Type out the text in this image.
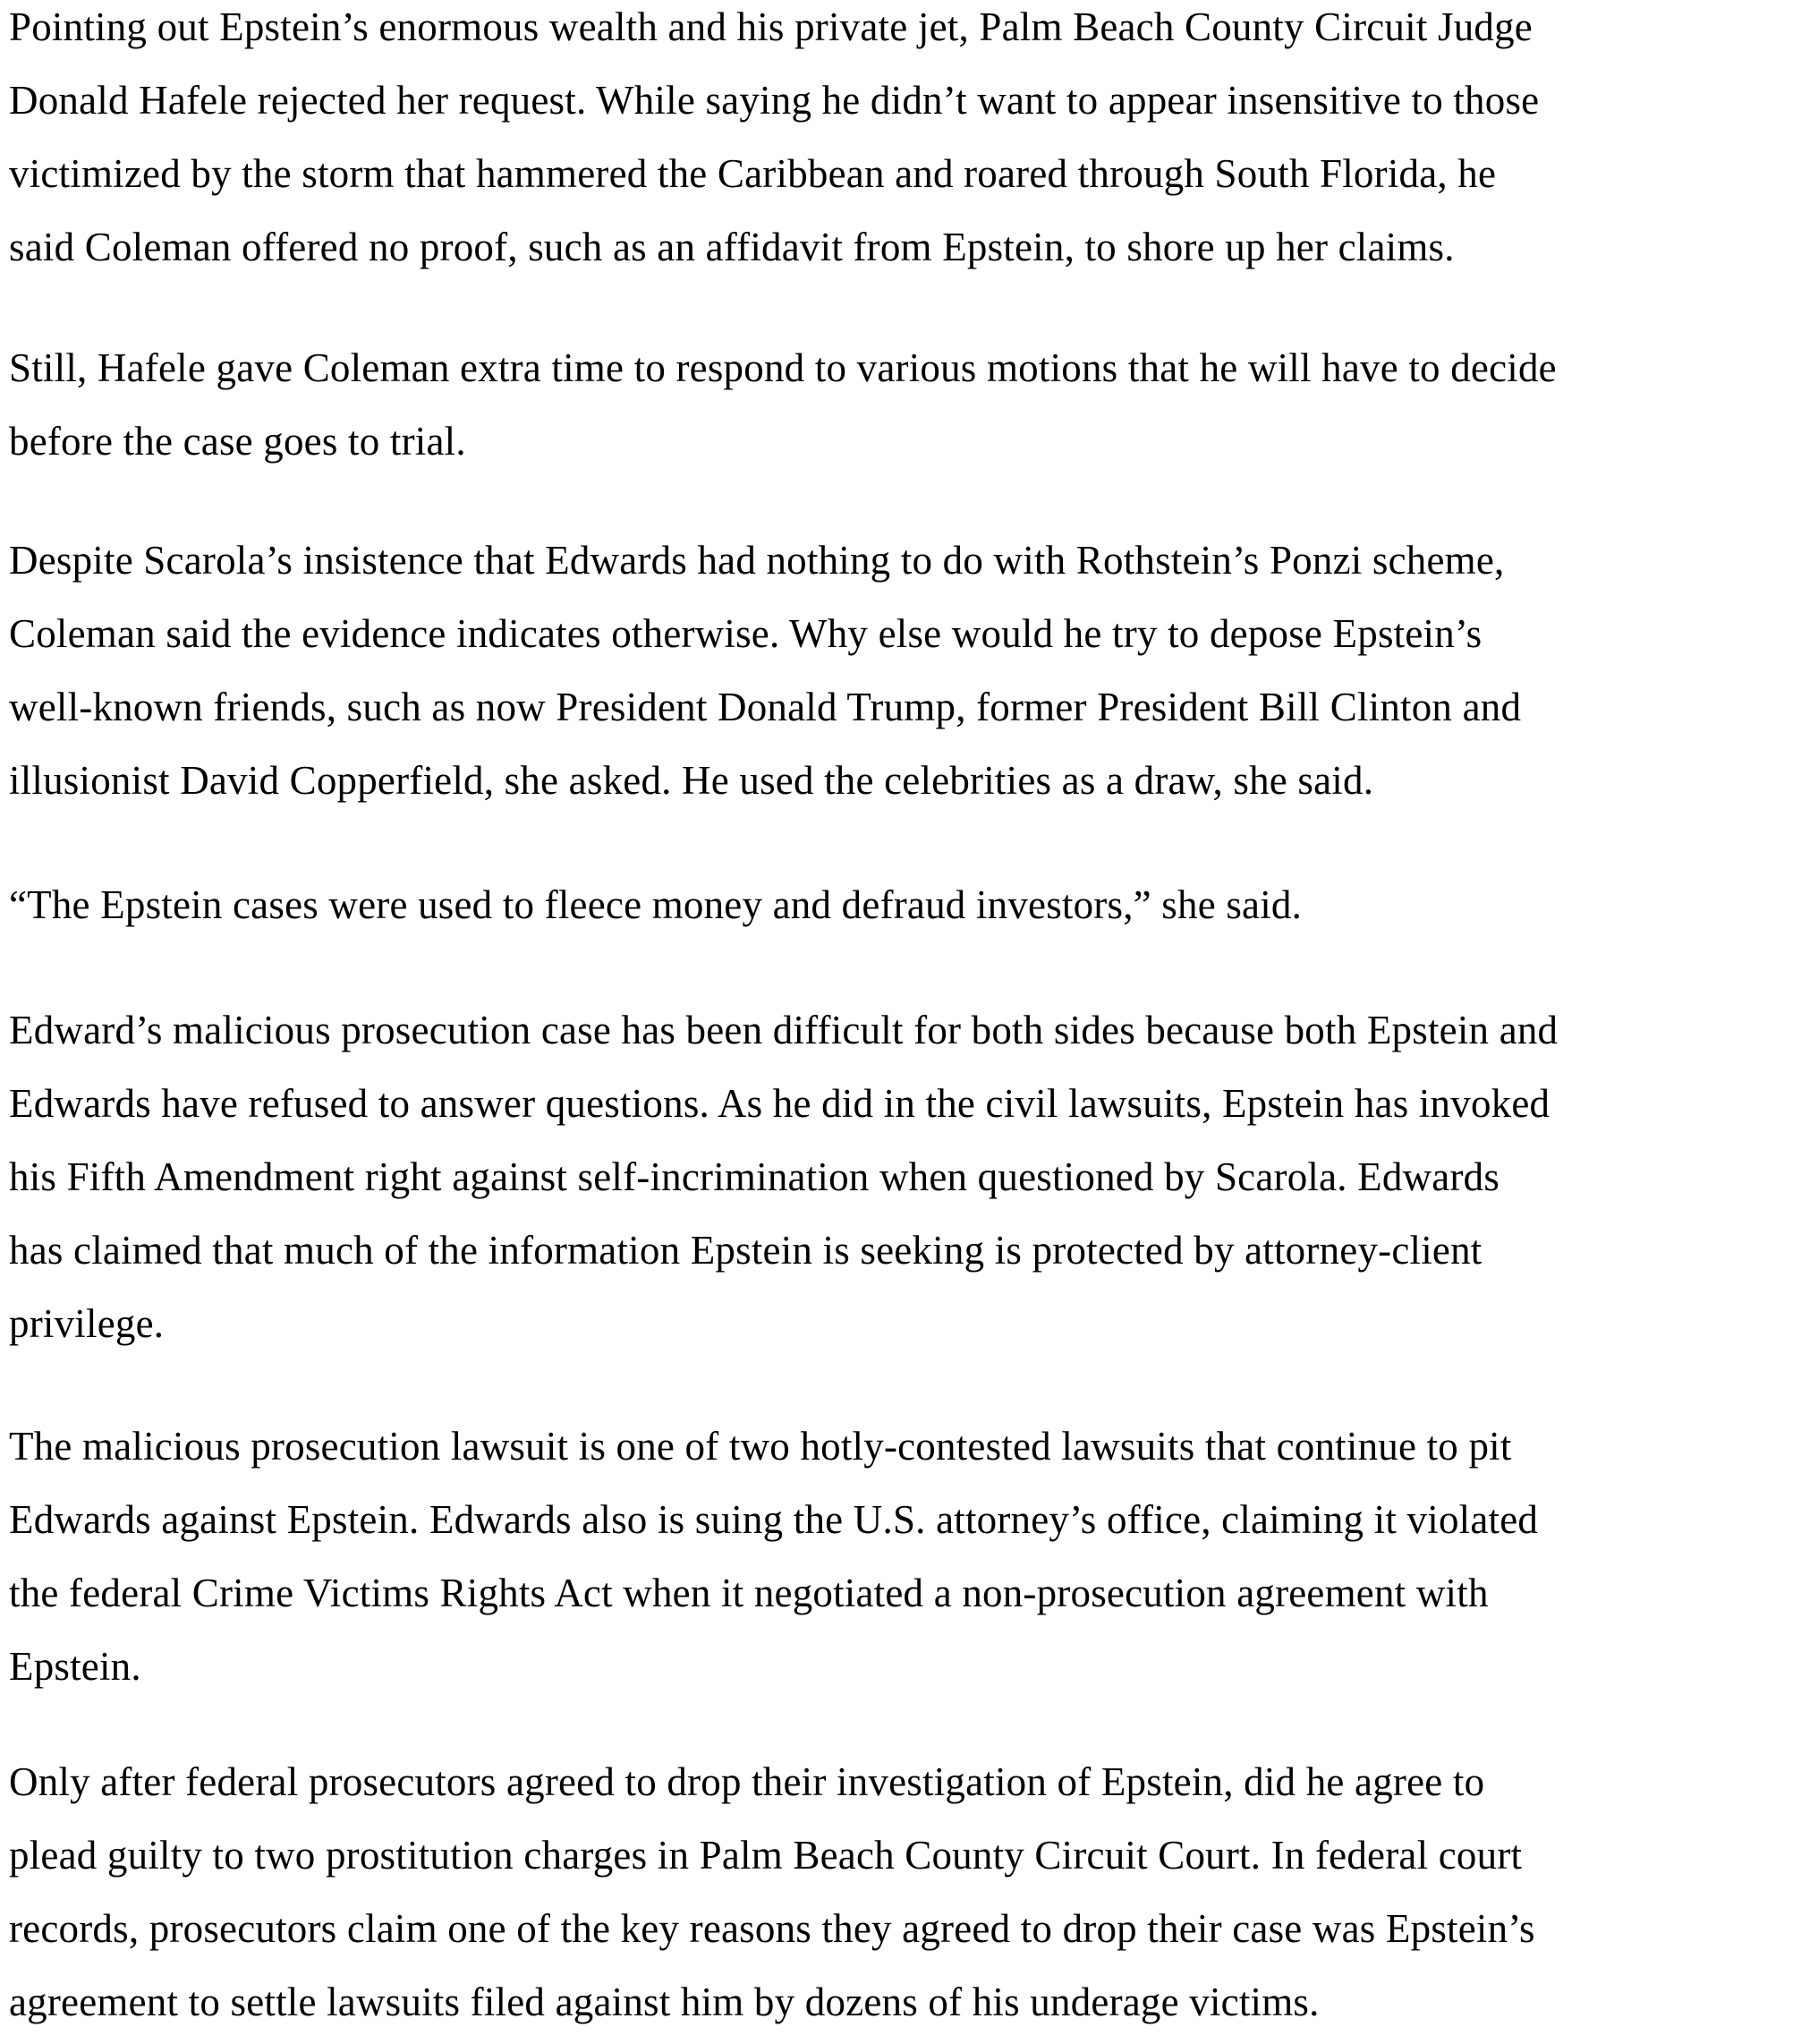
Pointing out Epstein’s enormous wealth and his private jet, Palm Beach County Circuit Judge
Donald Hafele rejected her request. While saying he didn’t want to appear insensitive to those
victimized by the storm that hammered the Caribbean and roared through South Florida, he
said Coleman offered no proof, such as an affidavit from Epstein, to shore up her claims.

Still, Hafele gave Coleman extra time to respond to various motions that he will have to decide
before the case goes to trial.

Despite Scarola’s insistence that Edwards had nothing to do with Rothstein’s Ponzi scheme,
Coleman said the evidence indicates otherwise. Why else would he try to depose Epstein’s
well-known friends, such as now President Donald Trump, former President Bill Clinton and
illusionist David Copperfield, she asked. He used the celebrities as a draw, she said.

“The Epstein cases were used to fleece money and defraud investors,” she said.

Edward’s malicious prosecution case has been difficult for both sides because both Epstein and
Edwards have refused to answer questions. As he did in the civil lawsuits, Epstein has invoked
his Fifth Amendment right against self-incrimination when questioned by Scarola. Edwards
has claimed that much of the information Epstein is seeking is protected by attorney-client
privilege.

The malicious prosecution lawsuit is one of two hotly-contested lawsuits that continue to pit
Edwards against Epstein. Edwards also is suing the U.S. attorney’s office, claiming it violated
the federal Crime Victims Rights Act when it negotiated a non-prosecution agreement with
Epstein.

Only after federal prosecutors agreed to drop their investigation of Epstein, did he agree to
plead guilty to two prostitution charges in Palm Beach County Circuit Court. In federal court
records, prosecutors claim one of the key reasons they agreed to drop their case was Epstein’s
agreement to settle lawsuits filed against him by dozens of his underage victims.
